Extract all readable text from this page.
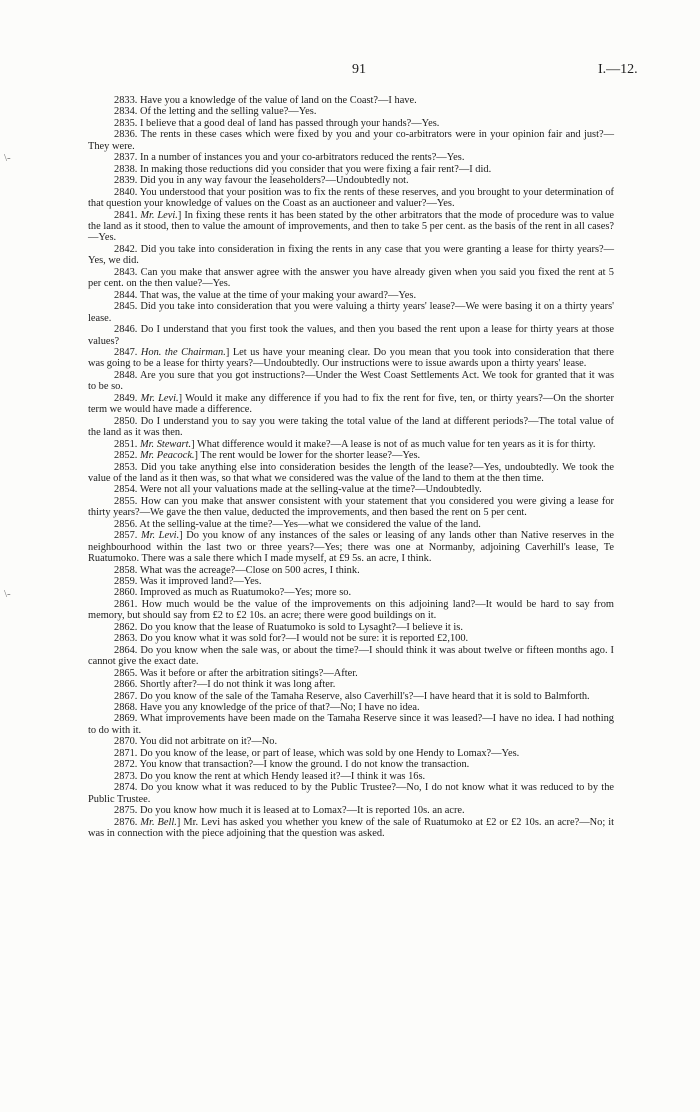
91	I.—12.
\-
\-

2833. Have you a knowledge of the value of land on the Coast?—I have.

2834. Of the letting and the selling value?—Yes.

2835. I believe that a good deal of land has passed through your hands?—Yes.

2836. The rents in these cases which were fixed by you and your co-arbitrators were in your opinion fair and just?—They were.

2837. In a number of instances you and your co-arbitrators reduced the rents?—Yes.

2838. In making those reductions did you consider that you were fixing a fair rent?—I did.

2839. Did you in any way favour the leaseholders?—Undoubtedly not.

2840. You understood that your position was to fix the rents of these reserves, and you brought to your determination of that question your knowledge of values on the Coast as an auctioneer and valuer?—Yes.

2841. Mr. Levi.] In fixing these rents it has been stated by the other arbitrators that the mode of procedure was to value the land as it stood, then to value the amount of improvements, and then to take 5 per cent. as the basis of the rent in all cases?—Yes.

2842. Did you take into consideration in fixing the rents in any case that you were granting a lease for thirty years?—Yes, we did.

2843. Can you make that answer agree with the answer you have already given when you said you fixed the rent at 5 per cent. on the then value?—Yes.

2844. That was, the value at the time of your making your award?—Yes.

2845. Did you take into consideration that you were valuing a thirty years' lease?—We were basing it on a thirty years' lease.

2846. Do I understand that you first took the values, and then you based the rent upon a lease for thirty years at those values?

2847. Hon. the Chairman.] Let us have your meaning clear. Do you mean that you took into consideration that there was going to be a lease for thirty years?—Undoubtedly. Our instructions were to issue awards upon a thirty years' lease.

2848. Are you sure that you got instructions?—Under the West Coast Settlements Act. We took for granted that it was to be so.

2849. Mr. Levi.] Would it make any difference if you had to fix the rent for five, ten, or thirty years?—On the shorter term we would have made a difference.

2850. Do I understand you to say you were taking the total value of the land at different periods?—The total value of the land as it was then.

2851. Mr. Stewart.] What difference would it make?—A lease is not of as much value for ten years as it is for thirty.

2852. Mr. Peacock.] The rent would be lower for the shorter lease?—Yes.

2853. Did you take anything else into consideration besides the length of the lease?—Yes, undoubtedly. We took the value of the land as it then was, so that what we considered was the value of the land to them at the then time.

2854. Were not all your valuations made at the selling-value at the time?—Undoubtedly.

2855. How can you make that answer consistent with your statement that you considered you were giving a lease for thirty years?—We gave the then value, deducted the improvements, and then based the rent on 5 per cent.

2856. At the selling-value at the time?—Yes—what we considered the value of the land.

2857. Mr. Levi.] Do you know of any instances of the sales or leasing of any lands other than Native reserves in the neighbourhood within the last two or three years?—Yes; there was one at Normanby, adjoining Caverhill's lease, Te Ruatumoko. There was a sale there which I made myself, at £9 5s. an acre, I think.

2858. What was the acreage?—Close on 500 acres, I think.

2859. Was it improved land?—Yes.

2860. Improved as much as Ruatumoko?—Yes; more so.

2861. How much would be the value of the improvements on this adjoining land?—It would be hard to say from memory, but should say from £2 to £2 10s. an acre; there were good buildings on it.

2862. Do you know that the lease of Ruatumoko is sold to Lysaght?—I believe it is.

2863. Do you know what it was sold for?—I would not be sure: it is reported £2,100.

2864. Do you know when the sale was, or about the time?—I should think it was about twelve or fifteen months ago. I cannot give the exact date.

2865. Was it before or after the arbitration sitings?—After.

2866. Shortly after?—I do not think it was long after.

2867. Do you know of the sale of the Tamaha Reserve, also Caverhill's?—I have heard that it is sold to Balmforth.

2868. Have you any knowledge of the price of that?—No; I have no idea.

2869. What improvements have been made on the Tamaha Reserve since it was leased?—I have no idea. I had nothing to do with it.

2870. You did not arbitrate on it?—No.

2871. Do you know of the lease, or part of lease, which was sold by one Hendy to Lomax?—Yes.

2872. You know that transaction?—I know the ground. I do not know the transaction.

2873. Do you know the rent at which Hendy leased it?—I think it was 16s.

2874. Do you know what it was reduced to by the Public Trustee?—No, I do not know what it was reduced to by the Public Trustee.

2875. Do you know how much it is leased at to Lomax?—It is reported 10s. an acre.

2876. Mr. Bell.] Mr. Levi has asked you whether you knew of the sale of Ruatumoko at £2 or £2 10s. an acre?—No; it was in connection with the piece adjoining that the question was asked.
